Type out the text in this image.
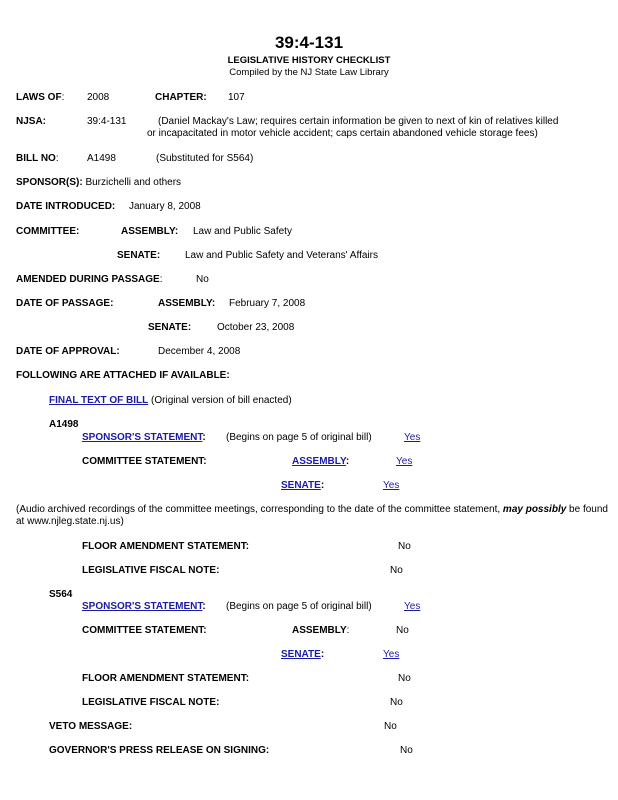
39:4-131
LEGISLATIVE HISTORY CHECKLIST
Compiled by the NJ State Law Library
LAWS OF: 2008	CHAPTER: 107
NJSA:	39:4-131	(Daniel Mackay's Law; requires certain information be given to next of kin of relatives killed
or incapacitated in motor vehicle accident; caps certain abandoned vehicle storage fees)
BILL NO:	A1498	(Substituted for S564)
SPONSOR(S): Burzichelli and others
DATE INTRODUCED: January 8, 2008
COMMITTEE:	ASSEMBLY: Law and Public Safety
SENATE: Law and Public Safety and Veterans' Affairs
AMENDED DURING PASSAGE:	No
DATE OF PASSAGE:	ASSEMBLY: February 7, 2008
SENATE:	October 23, 2008
DATE OF APPROVAL:	December 4, 2008
FOLLOWING ARE ATTACHED IF AVAILABLE:
FINAL TEXT OF BILL (Original version of bill enacted)
A1498
SPONSOR'S STATEMENT: (Begins on page 5 of original bill)	Yes
COMMITTEE STATEMENT:	ASSEMBLY:	Yes
SENATE:	Yes
(Audio archived recordings of the committee meetings, corresponding to the date of the committee statement, may possibly be found
at www.njleg.state.nj.us)
FLOOR AMENDMENT STATEMENT:	No
LEGISLATIVE FISCAL NOTE:	No
S564
SPONSOR'S STATEMENT: (Begins on page 5 of original bill)	Yes
COMMITTEE STATEMENT:	ASSEMBLY:	No
SENATE:	Yes
FLOOR AMENDMENT STATEMENT:	No
LEGISLATIVE FISCAL NOTE:	No
VETO MESSAGE:	No
GOVERNOR'S PRESS RELEASE ON SIGNING:	No
